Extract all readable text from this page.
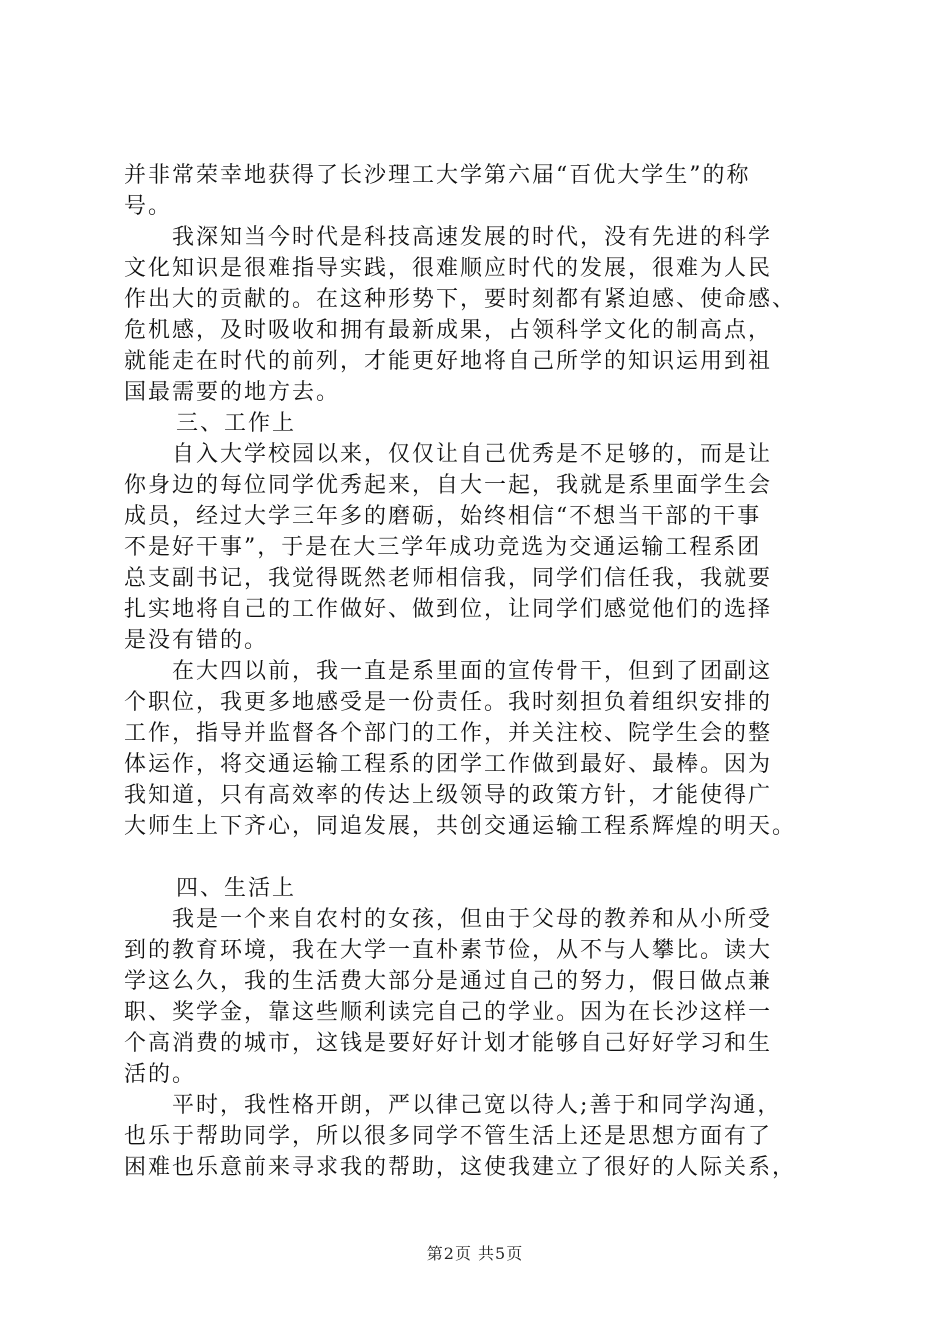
并非常荣幸地获得了长沙理工大学第六届“百优大学生”的称
号。
我深知当今时代是科技高速发展的时代，没有先进的科学
文化知识是很难指导实践，很难顺应时代的发展，很难为人民
作出大的贡献的。在这种形势下，要时刻都有紧迫感、使命感、
危机感，及时吸收和拥有最新成果，占领科学文化的制高点，
就能走在时代的前列，才能更好地将自己所学的知识运用到祖
国最需要的地方去。
三、工作上
自入大学校园以来，仅仅让自己优秀是不足够的，而是让
你身边的每位同学优秀起来，自大一起，我就是系里面学生会
成员，经过大学三年多的磨砺，始终相信“不想当干部的干事
不是好干事”，于是在大三学年成功竞选为交通运输工程系团
总支副书记，我觉得既然老师相信我，同学们信任我，我就要
扎实地将自己的工作做好、做到位，让同学们感觉他们的选择
是没有错的。
在大四以前，我一直是系里面的宣传骨干，但到了团副这
个职位，我更多地感受是一份责任。我时刻担负着组织安排的
工作，指导并监督各个部门的工作，并关注校、院学生会的整
体运作，将交通运输工程系的团学工作做到最好、最棒。因为
我知道，只有高效率的传达上级领导的政策方针，才能使得广
大师生上下齐心，同追发展，共创交通运输工程系辉煌的明天。
四、生活上
我是一个来自农村的女孩，但由于父母的教养和从小所受
到的教育环境，我在大学一直朴素节俭，从不与人攀比。读大
学这么久，我的生活费大部分是通过自己的努力，假日做点兼
职、奖学金，靠这些顺利读完自己的学业。因为在长沙这样一
个高消费的城市，这钱是要好好计划才能够自己好好学习和生
活的。
平时，我性格开朗，严以律己宽以待人;善于和同学沟通，
也乐于帮助同学，所以很多同学不管生活上还是思想方面有了
困难也乐意前来寻求我的帮助，这使我建立了很好的人际关系，
第2页 共5页
